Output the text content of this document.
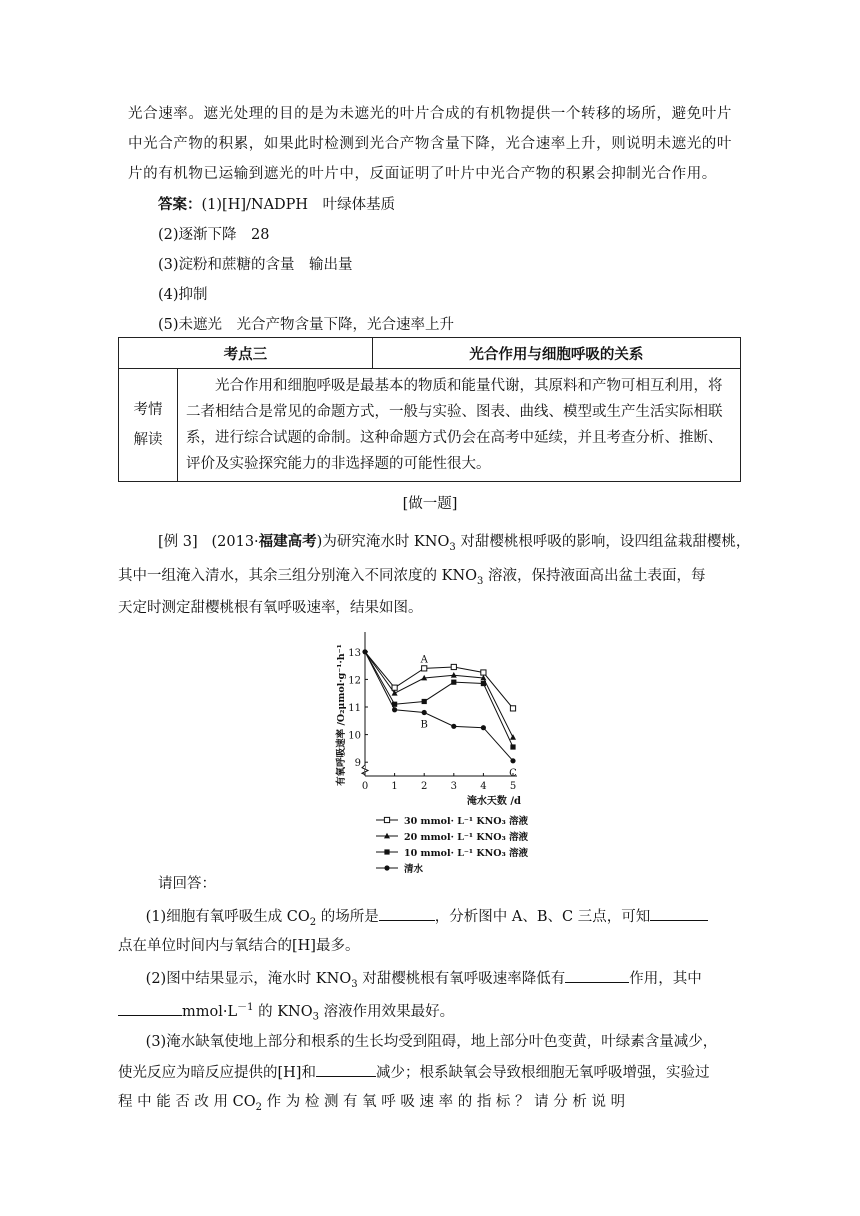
光合速率。遮光处理的目的是为未遮光的叶片合成的有机物提供一个转移的场所，避免叶片
中光合产物的积累，如果此时检测到光合产物含量下降，光合速率上升，则说明未遮光的叶
片的有机物已运输到遮光的叶片中，反面证明了叶片中光合产物的积累会抑制光合作用。
答案：(1)[H]/NADPH　叶绿体基质
(2)逐渐下降　28
(3)淀粉和蔗糖的含量　输出量
(4)抑制
(5)未遮光　光合产物含量下降，光合速率上升
考点三		光合作用与细胞呼吸的关系

考情
解读	光合作用和细胞呼吸是最基本的物质和能量代谢，其原料和产物可相互利用，将二者相结合是常见的命题方式，一般与实验、图表、曲线、模型或生产生活实际相联系，进行综合试题的命制。这种命题方式仍会在高考中延续，并且考查分析、推断、评价及实验探究能力的非选择题的可能性很大。	
[做一题]
[例 3] (2013·福建高考)为研究淹水时 $KNO_3$ 对甜樱桃根呼吸的影响，设四组盆栽甜樱桃，
其中一组淹入清水，其余三组分别淹入不同浓度的 $KNO_3$ 溶液，保持液面高出盆土表面，每
天定时测定甜樱桃根有氧呼吸速率，结果如图。
9
10
11
12
13
0 1 2 3 4 5
淹水天数 /d
有氧呼吸速率 /O₂μmol·g⁻¹·h⁻¹	A
B
C
30 mmol· L⁻¹ KNO₃ 溶液
20 mmol· L⁻¹ KNO₃ 溶液
10 mmol· L⁻¹ KNO₃ 溶液
清水
请回答：
(1)细胞有氧呼吸生成 $CO_2$ 的场所是	，分析图中 A、B、C 三点，可知
点在单位时间内与氧结合的[H]最多。
(2)图中结果显示，淹水时 $KNO_3$ 对甜樱桃根有氧呼吸速率降低有	作用，其中
$mmol\cdot L^{-1}$ 的 $KNO_3$ 溶液作用效果最好。
(3)淹水缺氧使地上部分和根系的生长均受到阻碍，地上部分叶色变黄，叶绿素含量减少，
使光反应为暗反应提供的[H]和	减少；根系缺氧会导致根细胞无氧呼吸增强，实验过
程 中 能 否 改 用 $CO_2$ 作 为 检 测 有 氧 呼 吸 速 率 的 指 标 ？ 请 分 析 说 明
